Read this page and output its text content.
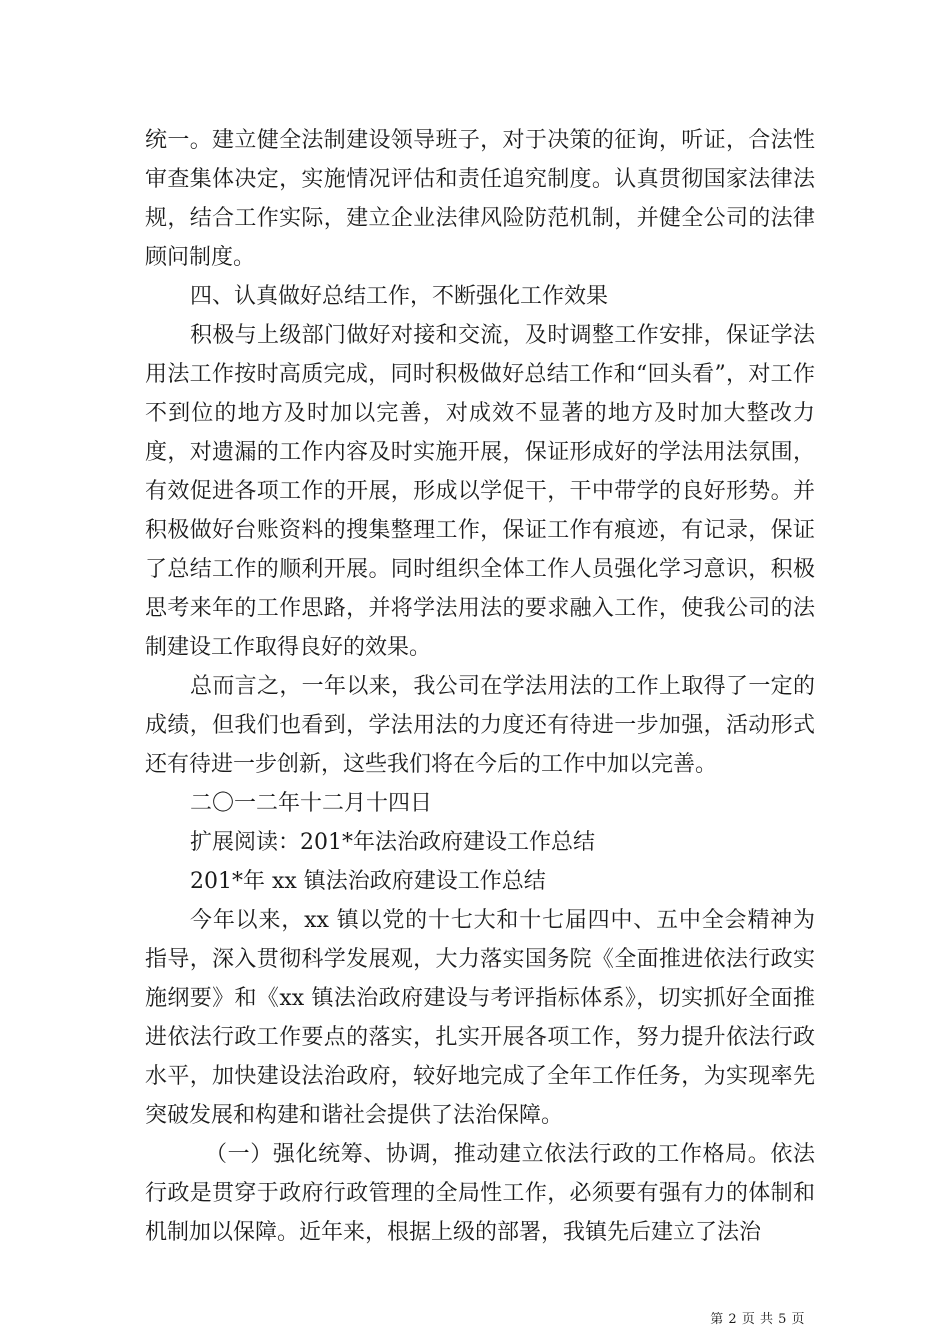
统一。建立健全法制建设领导班子，对于决策的征询，听证，合法性审查集体决定，实施情况评估和责任追究制度。认真贯彻国家法律法规，结合工作实际，建立企业法律风险防范机制，并健全公司的法律顾问制度。

四、认真做好总结工作，不断强化工作效果

积极与上级部门做好对接和交流，及时调整工作安排，保证学法用法工作按时高质完成，同时积极做好总结工作和“回头看”，对工作不到位的地方及时加以完善，对成效不显著的地方及时加大整改力度，对遗漏的工作内容及时实施开展，保证形成好的学法用法氛围，有效促进各项工作的开展，形成以学促干，干中带学的良好形势。并积极做好台账资料的搜集整理工作，保证工作有痕迹，有记录，保证了总结工作的顺利开展。同时组织全体工作人员强化学习意识，积极思考来年的工作思路，并将学法用法的要求融入工作，使我公司的法制建设工作取得良好的效果。

总而言之，一年以来，我公司在学法用法的工作上取得了一定的成绩，但我们也看到，学法用法的力度还有待进一步加强，活动形式还有待进一步创新，这些我们将在今后的工作中加以完善。

二〇一二年十二月十四日

扩展阅读：201*年法治政府建设工作总结

201*年 xx 镇法治政府建设工作总结

今年以来，xx 镇以党的十七大和十七届四中、五中全会精神为指导，深入贯彻科学发展观，大力落实国务院《全面推进依法行政实施纲要》和《xx 镇法治政府建设与考评指标体系》，切实抓好全面推进依法行政工作要点的落实，扎实开展各项工作，努力提升依法行政水平，加快建设法治政府，较好地完成了全年工作任务，为实现率先突破发展和构建和谐社会提供了法治保障。

（一）强化统筹、协调，推动建立依法行政的工作格局。依法行政是贯穿于政府行政管理的全局性工作，必须要有强有力的体制和机制加以保障。近年来，根据上级的部署，我镇先后建立了法治

第 2 页 共 5 页
